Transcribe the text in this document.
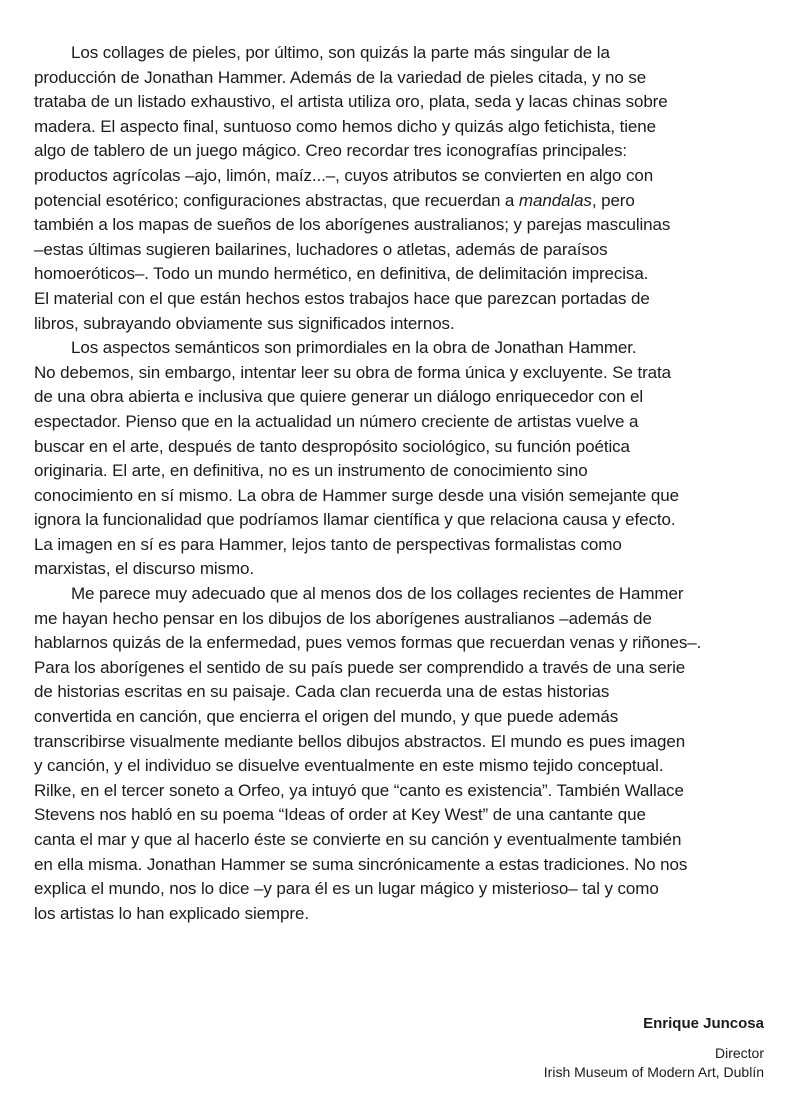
Los collages de pieles, por último, son quizás la parte más singular de la
producción de Jonathan Hammer. Además de la variedad de pieles citada, y no se
trataba de un listado exhaustivo, el artista utiliza oro, plata, seda y lacas chinas sobre
madera. El aspecto final, suntuoso como hemos dicho y quizás algo fetichista, tiene
algo de tablero de un juego mágico. Creo recordar tres iconografías principales:
productos agrícolas –ajo, limón, maíz...–, cuyos atributos se convierten en algo con
potencial esotérico; configuraciones abstractas, que recuerdan a mandalas, pero
también a los mapas de sueños de los aborígenes australianos; y parejas masculinas
–estas últimas sugieren bailarines, luchadores o atletas, además de paraísos
homoeróticos–. Todo un mundo hermético, en definitiva, de delimitación imprecisa.
El material con el que están hechos estos trabajos hace que parezcan portadas de
libros, subrayando obviamente sus significados internos.
Los aspectos semánticos son primordiales en la obra de Jonathan Hammer.
No debemos, sin embargo, intentar leer su obra de forma única y excluyente. Se trata
de una obra abierta e inclusiva que quiere generar un diálogo enriquecedor con el
espectador. Pienso que en la actualidad un número creciente de artistas vuelve a
buscar en el arte, después de tanto despropósito sociológico, su función poética
originaria. El arte, en definitiva, no es un instrumento de conocimiento sino
conocimiento en sí mismo. La obra de Hammer surge desde una visión semejante que
ignora la funcionalidad que podríamos llamar científica y que relaciona causa y efecto.
La imagen en sí es para Hammer, lejos tanto de perspectivas formalistas como
marxistas, el discurso mismo.
Me parece muy adecuado que al menos dos de los collages recientes de Hammer
me hayan hecho pensar en los dibujos de los aborígenes australianos –además de
hablarnos quizás de la enfermedad, pues vemos formas que recuerdan venas y riñones–.
Para los aborígenes el sentido de su país puede ser comprendido a través de una serie
de historias escritas en su paisaje. Cada clan recuerda una de estas historias
convertida en canción, que encierra el origen del mundo, y que puede además
transcribirse visualmente mediante bellos dibujos abstractos. El mundo es pues imagen
y canción, y el individuo se disuelve eventualmente en este mismo tejido conceptual.
Rilke, en el tercer soneto a Orfeo, ya intuyó que “canto es existencia”. También Wallace
Stevens nos habló en su poema “Ideas of order at Key West” de una cantante que
canta el mar y que al hacerlo éste se convierte en su canción y eventualmente también
en ella misma. Jonathan Hammer se suma sincrónicamente a estas tradiciones. No nos
explica el mundo, nos lo dice –y para él es un lugar mágico y misterioso– tal y como
los artistas lo han explicado siempre.
Enrique Juncosa
Director
Irish Museum of Modern Art, Dublín
